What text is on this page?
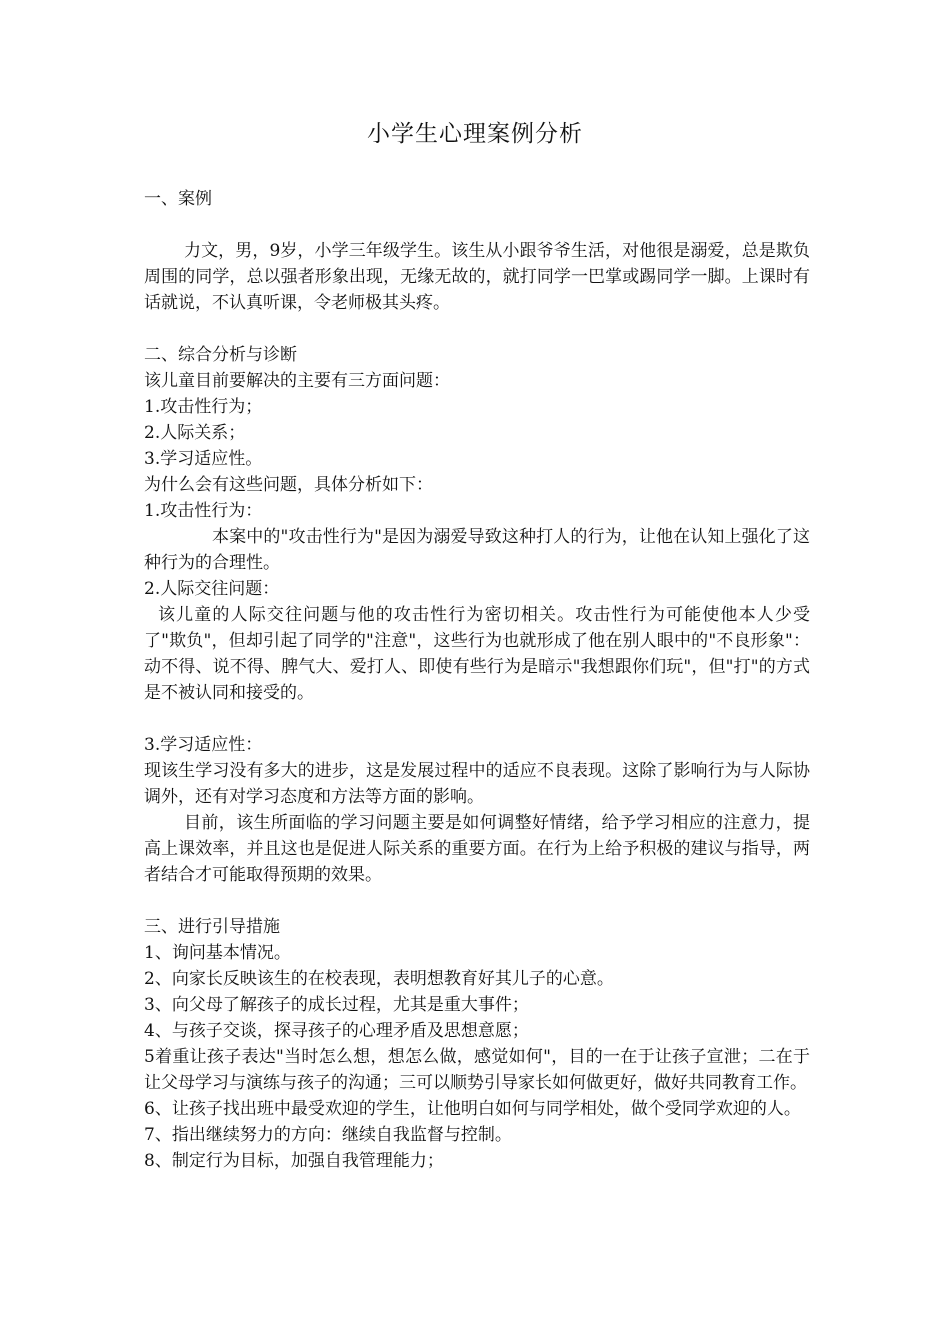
小学生心理案例分析

一、案例

力文，男，9岁，小学三年级学生。该生从小跟爷爷生活，对他很是溺爱，总是欺负周围的同学，总以强者形象出现，无缘无故的，就打同学一巴掌或踢同学一脚。上课时有话就说，不认真听课，令老师极其头疼。

二、综合分析与诊断

该儿童目前要解决的主要有三方面问题：

1.攻击性行为；

2.人际关系；

3.学习适应性。

为什么会有这些问题，具体分析如下：

1.攻击性行为：

本案中的"攻击性行为"是因为溺爱导致这种打人的行为，让他在认知上强化了这种行为的合理性。

2.人际交往问题：

该儿童的人际交往问题与他的攻击性行为密切相关。攻击性行为可能使他本人少受了"欺负"，但却引起了同学的"注意"，这些行为也就形成了他在别人眼中的"不良形象"：动不得、说不得、脾气大、爱打人、即使有些行为是暗示"我想跟你们玩"，但"打"的方式是不被认同和接受的。

3.学习适应性：

现该生学习没有多大的进步，这是发展过程中的适应不良表现。这除了影响行为与人际协调外，还有对学习态度和方法等方面的影响。

目前，该生所面临的学习问题主要是如何调整好情绪，给予学习相应的注意力，提高上课效率，并且这也是促进人际关系的重要方面。在行为上给予积极的建议与指导，两者结合才可能取得预期的效果。

三、进行引导措施

1、询问基本情况。

2、向家长反映该生的在校表现，表明想教育好其儿子的心意。

3、向父母了解孩子的成长过程，尤其是重大事件；

4、与孩子交谈，探寻孩子的心理矛盾及思想意愿；

5着重让孩子表达"当时怎么想，想怎么做，感觉如何"，目的一在于让孩子宣泄；二在于让父母学习与演练与孩子的沟通；三可以顺势引导家长如何做更好，做好共同教育工作。

6、让孩子找出班中最受欢迎的学生，让他明白如何与同学相处，做个受同学欢迎的人。

7、指出继续努力的方向：继续自我监督与控制。

8、制定行为目标，加强自我管理能力；
